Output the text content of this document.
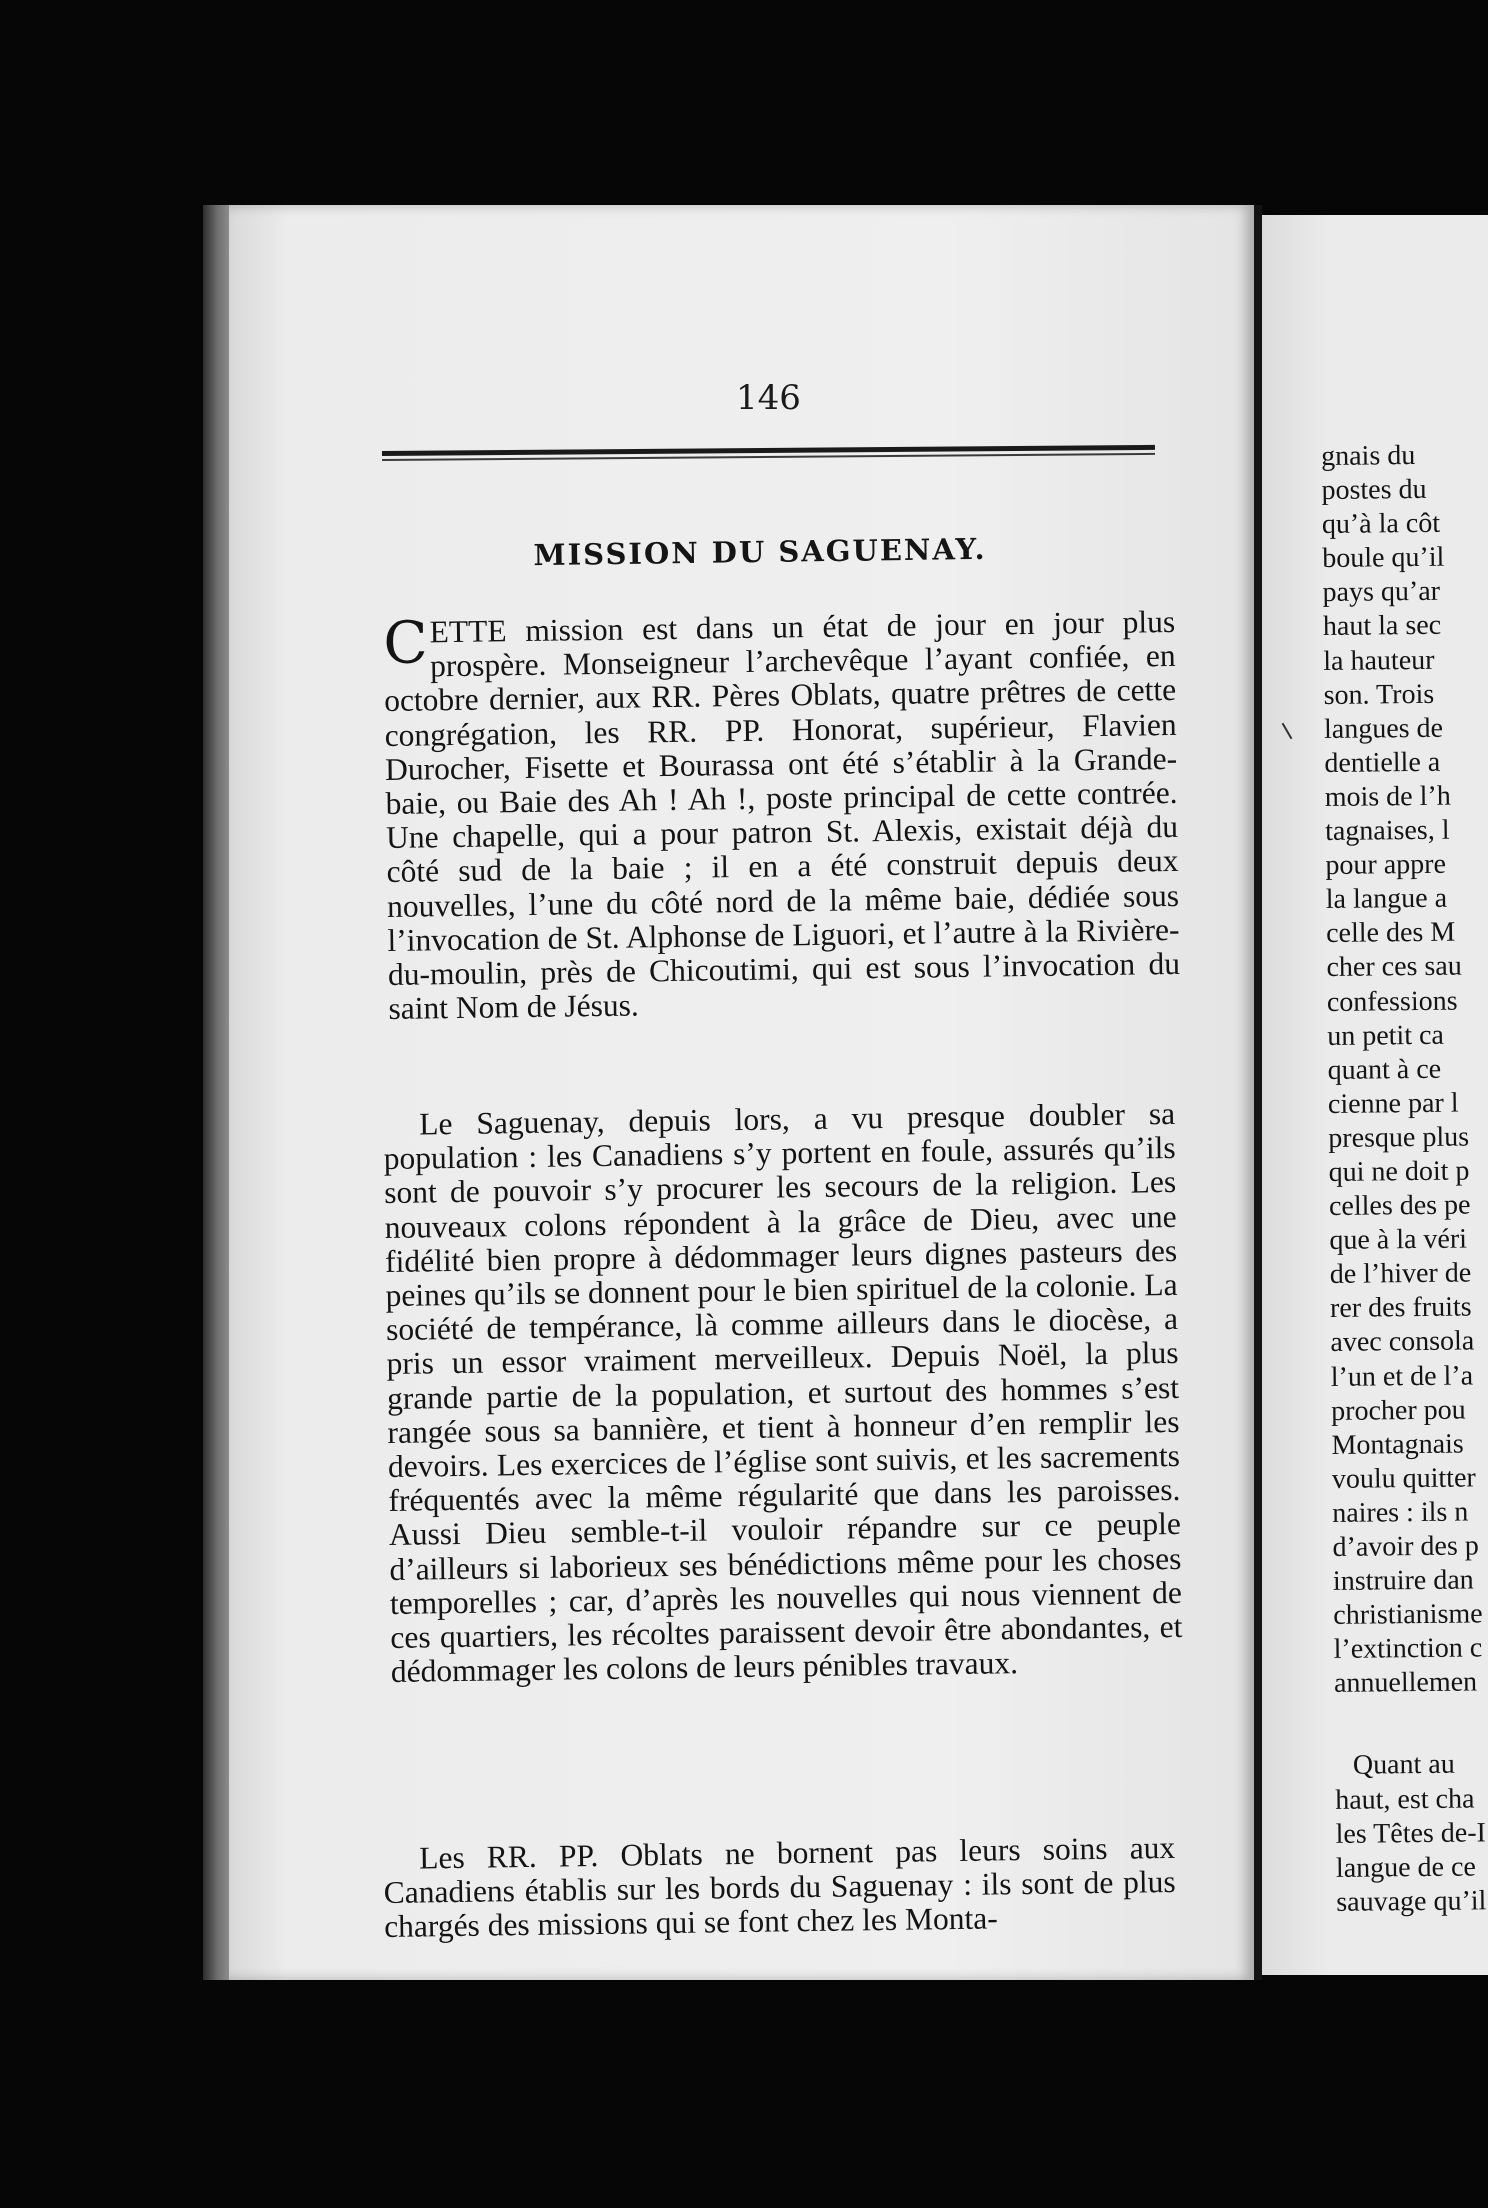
146

MISSION DU SAGUENAY.

CETTE mission est dans un état de jour en jour plus prospère. Monseigneur l’archevêque l’ayant confiée, en octobre dernier, aux RR. Pères Oblats, quatre prêtres de cette congrégation, les RR. PP. Honorat, supérieur, Flavien Durocher, Fisette et Bourassa ont été s’établir à la Grande-baie, ou Baie des Ah ! Ah !, poste principal de cette contrée. Une chapelle, qui a pour patron St. Alexis, existait déjà du côté sud de la baie ; il en a été construit depuis deux nouvelles, l’une du côté nord de la même baie, dédiée sous l’invocation de St. Alphonse de Liguori, et l’autre à la Rivière-du-moulin, près de Chicoutimi, qui est sous l’invocation du saint Nom de Jésus.

Le Saguenay, depuis lors, a vu presque doubler sa population : les Canadiens s’y portent en foule, assurés qu’ils sont de pouvoir s’y procurer les secours de la religion. Les nouveaux colons répondent à la grâce de Dieu, avec une fidélité bien propre à dédommager leurs dignes pasteurs des peines qu’ils se donnent pour le bien spirituel de la colonie. La société de tempérance, là comme ailleurs dans le diocèse, a pris un essor vraiment merveilleux. Depuis Noël, la plus grande partie de la population, et surtout des hommes s’est rangée sous sa bannière, et tient à honneur d’en remplir les devoirs. Les exercices de l’église sont suivis, et les sacrements fréquentés avec la même régularité que dans les paroisses. Aussi Dieu semble-t-il vouloir répandre sur ce peuple d’ailleurs si laborieux ses bénédictions même pour les choses temporelles ; car, d’après les nouvelles qui nous viennent de ces quartiers, les récoltes paraissent devoir être abondantes, et dédommager les colons de leurs pénibles travaux.

Les RR. PP. Oblats ne bornent pas leurs soins aux Canadiens établis sur les bords du Saguenay : ils sont de plus chargés des missions qui se font chez les Monta-

gnais du
postes du
qu’à la côt
boule qu’il
pays qu’ar
haut la sec
la hauteur
son. Trois
langues de
dentielle a
mois de l’h
tagnaises, l
pour appre
la langue a
celle des M
cher ces sau
confessions
un petit ca
quant à ce
cienne par l
presque plus
qui ne doit p
celles des pe
que à la véri
de l’hiver de
rer des fruits
avec consola
l’un et de l’a
procher pou
Montagnais
voulu quitter
naires : ils n
d’avoir des p
instruire dan
christianisme
l’extinction c
annuellemen
Quant au
haut, est cha
les Têtes de-I
langue de ce
sauvage qu’il
